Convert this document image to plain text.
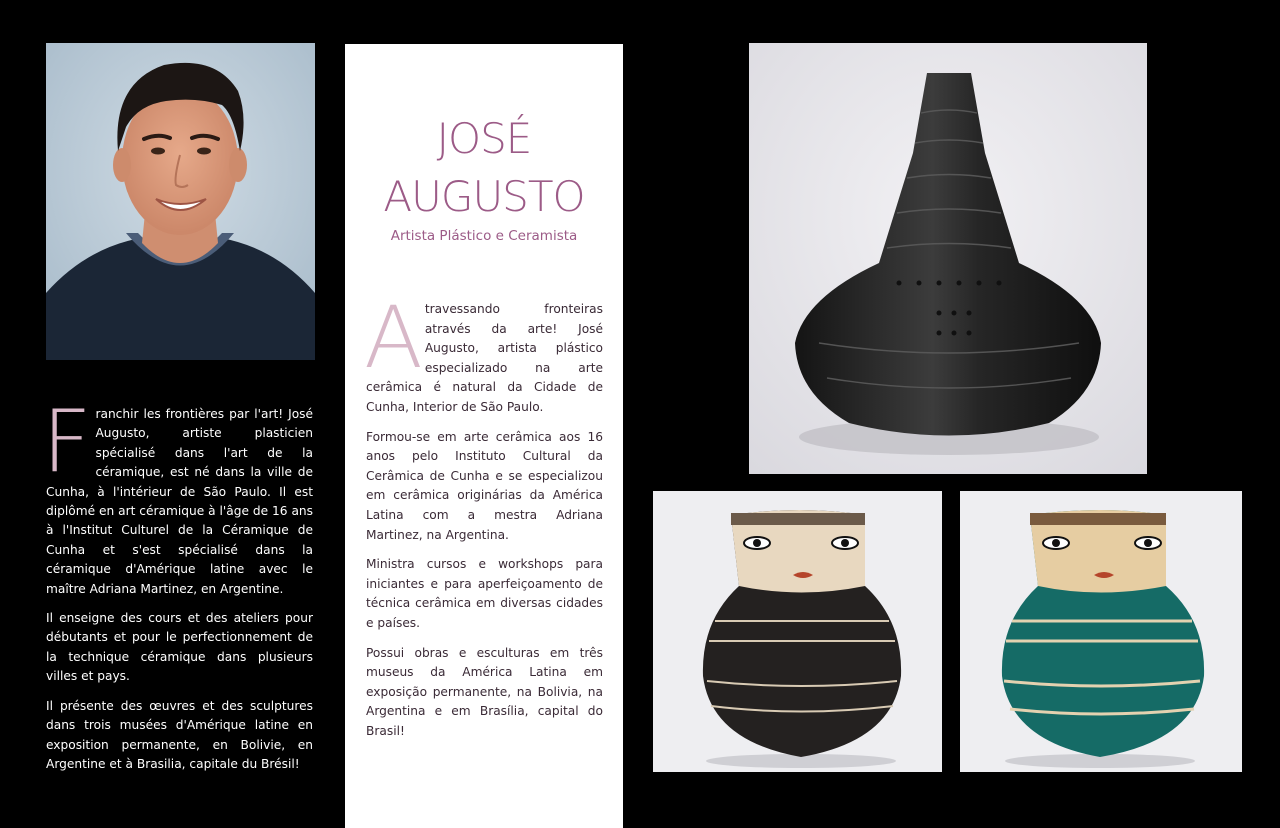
F ranchir les frontières par l'art! José Augusto, artiste plasticien spécialisé dans l'art de la céramique, est né dans la ville de Cunha, à l'intérieur de São Paulo. Il est diplômé en art céramique à l'âge de 16 ans à l'Institut Culturel de la Céramique de Cunha et s'est spécialisé dans la céramique d'Amérique latine avec le maître Adriana Martinez, en Argentine.

Il enseigne des cours et des ateliers pour débutants et pour le perfectionnement de la technique céramique dans plusieurs villes et pays.

Il présente des œuvres et des sculptures dans trois musées d'Amérique latine en exposition permanente, en Bolivie, en Argentine et à Brasilia, capitale du Brésil!

JOSÉ
AUGUSTO
Artista Plástico e Ceramista
A travessando fronteiras através da arte! José Augusto, artista plástico especializado na arte cerâmica é natural da Cidade de Cunha, Interior de São Paulo.

Formou-se em arte cerâmica aos 16 anos pelo Instituto Cultural da Cerâmica de Cunha e se especializou em cerâmica originárias da América Latina com a mestra Adriana Martinez, na Argentina.

Ministra cursos e workshops para iniciantes e para aperfeiçoamento de técnica cerâmica em diversas cidades e países.

Possui obras e esculturas em três museus da América Latina em exposição permanente, na Bolivia, na Argentina e em Brasília, capital do Brasil!
